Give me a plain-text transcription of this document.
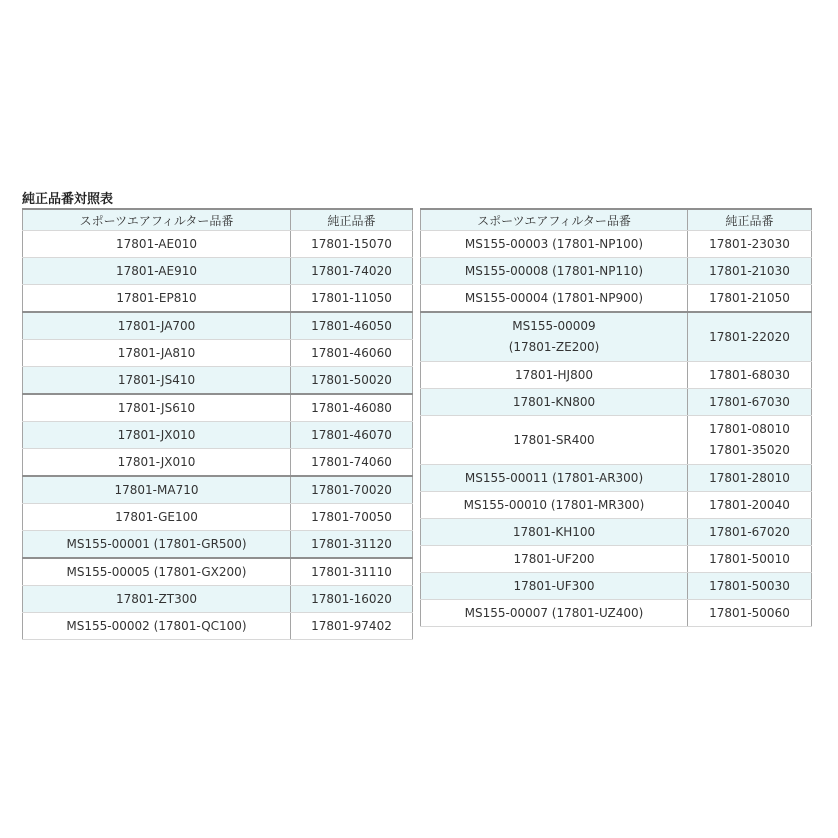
純正品番対照表
スポーツエアフィルター品番	純正品番

17801-AE010	17801-15070

17801-AE910	17801-74020

17801-EP810	17801-11050

17801-JA700	17801-46050

17801-JA810	17801-46060

17801-JS410	17801-50020

17801-JS610	17801-46080

17801-JX010	17801-46070

17801-JX010	17801-74060

17801-MA710	17801-70020

17801-GE100	17801-70050

MS155-00001 (17801-GR500)	17801-31120

MS155-00005 (17801-GX200)	17801-31110

17801-ZT300	17801-16020

MS155-00002 (17801-QC100)	17801-97402
スポーツエアフィルター品番	純正品番

MS155-00003 (17801-NP100)	17801-23030

MS155-00008 (17801-NP110)	17801-21030

MS155-00004 (17801-NP900)	17801-21050

MS155-00009
(17801-ZE200)	17801-22020

17801-HJ800	17801-68030

17801-KN800	17801-67030

17801-SR400	17801-08010
17801-35020

MS155-00011 (17801-AR300)	17801-28010

MS155-00010 (17801-MR300)	17801-20040

17801-KH100	17801-67020

17801-UF200	17801-50010

17801-UF300	17801-50030

MS155-00007 (17801-UZ400)	17801-50060
